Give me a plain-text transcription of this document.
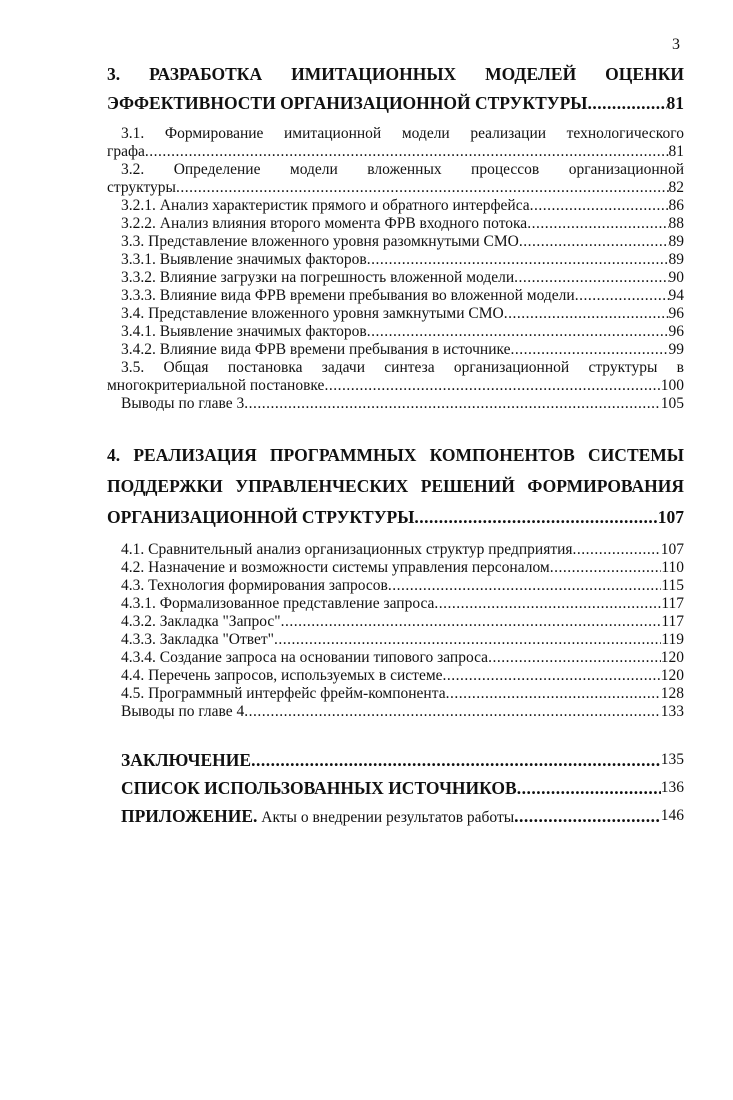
3
3. РАЗРАБОТКА ИМИТАЦИОННЫХ МОДЕЛЕЙ ОЦЕНКИ
ЭФФЕКТИВНОСТИ ОРГАНИЗАЦИОННОЙ СТРУКТУРЫ .....	81
3.1. Формирование имитационной модели реализации технологического
графа .....	81
3.2. Определение модели вложенных процессов организационной
структуры .....	82
3.2.1. Анализ характеристик прямого и обратного интерфейса .....	86
3.2.2. Анализ влияния второго момента ФРВ входного потока .....	88
3.3. Представление вложенного уровня разомкнутыми СМО .....	89
3.3.1. Выявление значимых факторов .....	89
3.3.2. Влияние загрузки на погрешность вложенной модели .....	90
3.3.3. Влияние вида ФРВ времени пребывания во вложенной модели .....	94
3.4. Представление вложенного уровня замкнутыми СМО .....	96
3.4.1. Выявление значимых факторов .....	96
3.4.2. Влияние вида ФРВ времени пребывания в источнике .....	99
3.5. Общая постановка задачи синтеза организационной структуры в
многокритериальной постановке .....	100
Выводы по главе 3 .....	105
4. РЕАЛИЗАЦИЯ ПРОГРАММНЫХ КОМПОНЕНТОВ СИСТЕМЫ
ПОДДЕРЖКИ УПРАВЛЕНЧЕСКИХ РЕШЕНИЙ ФОРМИРОВАНИЯ
ОРГАНИЗАЦИОННОЙ СТРУКТУРЫ .....	107
4.1. Сравнительный анализ организационных структур предприятия .....	107
4.2. Назначение и возможности системы управления персоналом .....	110
4.3. Технология формирования запросов .....	115
4.3.1. Формализованное представление запроса .....	117
4.3.2. Закладка "Запрос" .....	117
4.3.3. Закладка "Ответ" .....	119
4.3.4. Создание запроса на основании типового запроса .....	120
4.4. Перечень запросов, используемых в системе .....	120
4.5. Программный интерфейс фрейм-компонента .....	128
Выводы по главе 4 .....	133
ЗАКЛЮЧЕНИЕ .....	135
СПИСОК ИСПОЛЬЗОВАННЫХ ИСТОЧНИКОВ .....	136
ПРИЛОЖЕНИЕ. Акты о внедрении результатов работы .....	146
